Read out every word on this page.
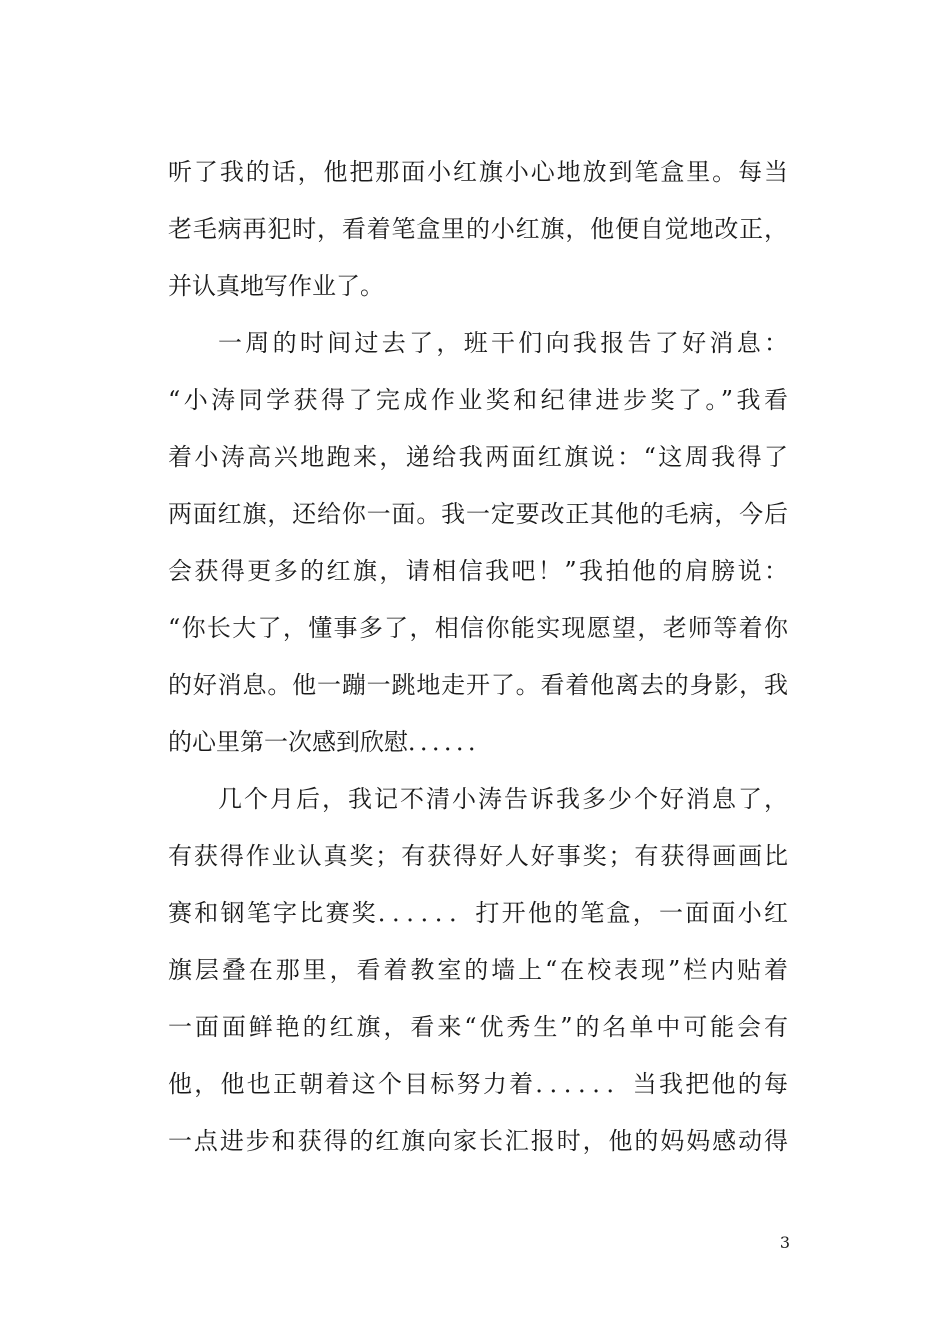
听了我的话，他把那面小红旗小心地放到笔盒里。每当
老毛病再犯时，看着笔盒里的小红旗，他便自觉地改正，
并认真地写作业了。
一周的时间过去了，班干们向我报告了好消息：
“小涛同学获得了完成作业奖和纪律进步奖了。”我看
着小涛高兴地跑来，递给我两面红旗说：“这周我得了
两面红旗，还给你一面。我一定要改正其他的毛病，今后
会获得更多的红旗，请相信我吧！”我拍他的肩膀说：
“你长大了，懂事多了，相信你能实现愿望，老师等着你
的好消息。他一蹦一跳地走开了。看着他离去的身影，我
的心里第一次感到欣慰．．．．．．
几个月后，我记不清小涛告诉我多少个好消息了，
有获得作业认真奖；有获得好人好事奖；有获得画画比
赛和钢笔字比赛奖．．．．．．打开他的笔盒，一面面小红
旗层叠在那里，看着教室的墙上“在校表现”栏内贴着
一面面鲜艳的红旗，看来“优秀生”的名单中可能会有
他，他也正朝着这个目标努力着．．．．．．当我把他的每
一点进步和获得的红旗向家长汇报时，他的妈妈感动得
3
